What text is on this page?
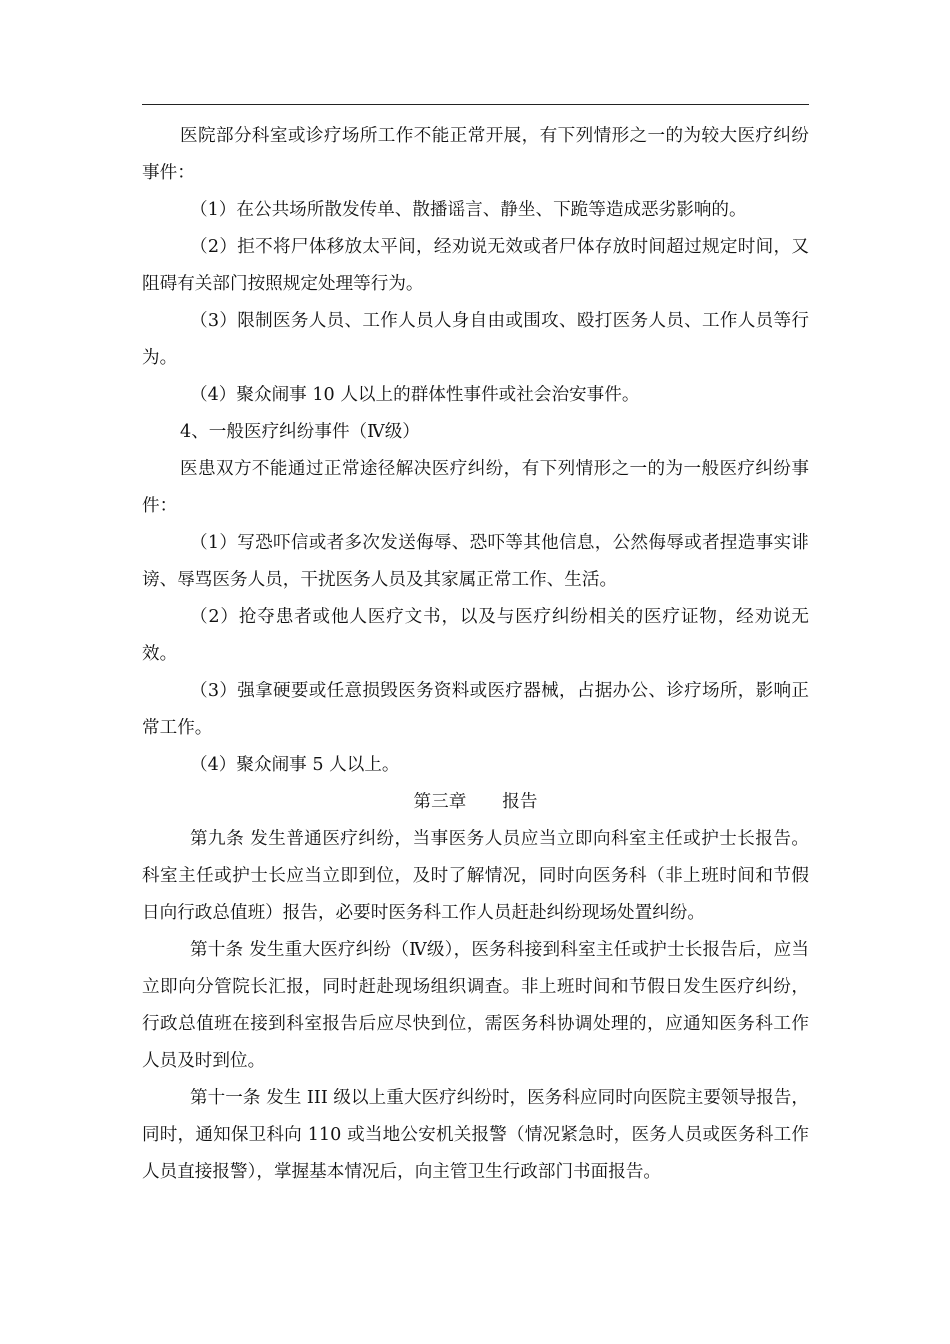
医院部分科室或诊疗场所工作不能正常开展，有下列情形之一的为较大医疗纠纷事件：

（1）在公共场所散发传单、散播谣言、静坐、下跪等造成恶劣影响的。

（2）拒不将尸体移放太平间，经劝说无效或者尸体存放时间超过规定时间，又阻碍有关部门按照规定处理等行为。

（3）限制医务人员、工作人员人身自由或围攻、殴打医务人员、工作人员等行为。

（4）聚众闹事 10 人以上的群体性事件或社会治安事件。

4、一般医疗纠纷事件（Ⅳ级）

医患双方不能通过正常途径解决医疗纠纷，有下列情形之一的为一般医疗纠纷事件：

（1）写恐吓信或者多次发送侮辱、恐吓等其他信息，公然侮辱或者捏造事实诽谤、辱骂医务人员，干扰医务人员及其家属正常工作、生活。

（2）抢夺患者或他人医疗文书，以及与医疗纠纷相关的医疗证物，经劝说无效。

（3）强拿硬要或任意损毁医务资料或医疗器械，占据办公、诊疗场所，影响正常工作。

（4）聚众闹事 5 人以上。

第三章 报告

第九条 发生普通医疗纠纷，当事医务人员应当立即向科室主任或护士长报告。科室主任或护士长应当立即到位，及时了解情况，同时向医务科（非上班时间和节假日向行政总值班）报告，必要时医务科工作人员赶赴纠纷现场处置纠纷。

第十条 发生重大医疗纠纷（Ⅳ级），医务科接到科室主任或护士长报告后，应当立即向分管院长汇报，同时赶赴现场组织调查。非上班时间和节假日发生医疗纠纷，行政总值班在接到科室报告后应尽快到位，需医务科协调处理的，应通知医务科工作人员及时到位。

第十一条 发生 III 级以上重大医疗纠纷时，医务科应同时向医院主要领导报告，同时，通知保卫科向 110 或当地公安机关报警（情况紧急时，医务人员或医务科工作人员直接报警），掌握基本情况后，向主管卫生行政部门书面报告。
